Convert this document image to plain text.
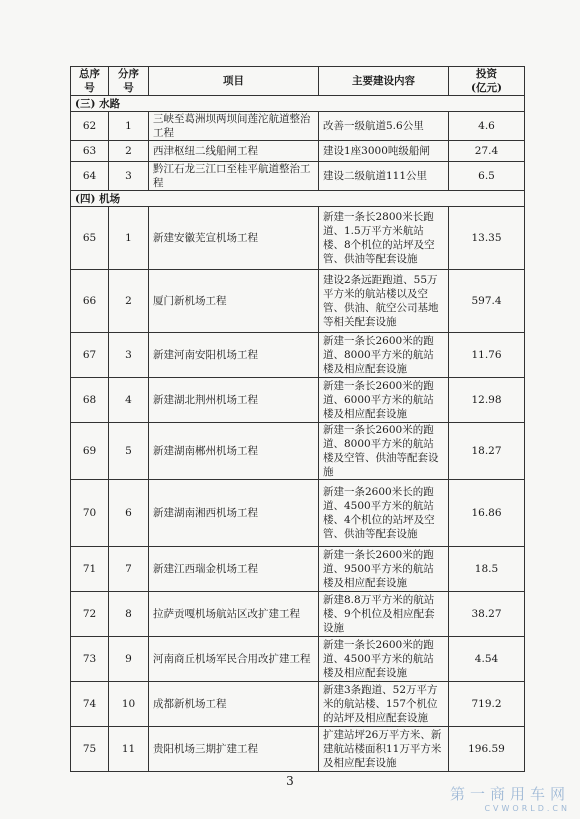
总序号	分序号	项目	主要建设内容	投资
(亿元)
(三) 水路				
62	1	三峡至葛洲坝两坝间莲沱航道整治工程	改善一级航道5.6公里	4.6
63	2	西津枢纽二线船闸工程	建设1座3000吨级船闸	27.4
64	3	黔江石龙三江口至桂平航道整治工程	建设二级航道111公里	6.5
(四) 机场				
65	1	新建安徽芜宣机场工程	新建一条长2800米长跑道、1.5万平方米航站楼、8个机位的站坪及空管、供油等配套设施	13.35
66	2	厦门新机场工程	建设2条远距跑道、55万平方米的航站楼以及空管、供油、航空公司基地等相关配套设施	597.4
67	3	新建河南安阳机场工程	新建一条长2600米的跑道、8000平方米的航站楼及相应配套设施	11.76
68	4	新建湖北荆州机场工程	新建一条长2600米的跑道、6000平方米的航站楼及相应配套设施	12.98
69	5	新建湖南郴州机场工程	新建一条长2600米的跑道、8000平方米的航站楼及空管、供油等配套设施	18.27
70	6	新建湖南湘西机场工程	新建一条2600米长的跑道、4500平方米的航站楼、4个机位的站坪及空管、供油等配套设施	16.86
71	7	新建江西瑞金机场工程	新建一条长2600米的跑道、9500平方米的航站楼及相应配套设施	18.5
72	8	拉萨贡嘎机场航站区改扩建工程	新建8.8万平方米的航站楼、9个机位及相应配套设施	38.27
73	9	河南商丘机场军民合用改扩建工程	新建一条长2600米的跑道、4500平方米的航站楼及相应配套设施	4.54
74	10	成都新机场工程	新建3条跑道、52万平方米的航站楼、157个机位的站坪及相应配套设施	719.2
75	11	贵阳机场三期扩建工程	扩建站坪26万平方米、新建航站楼面积11万平方米及相应配套设施	196.59
3
第一商用车网
CVWORLD.CN
